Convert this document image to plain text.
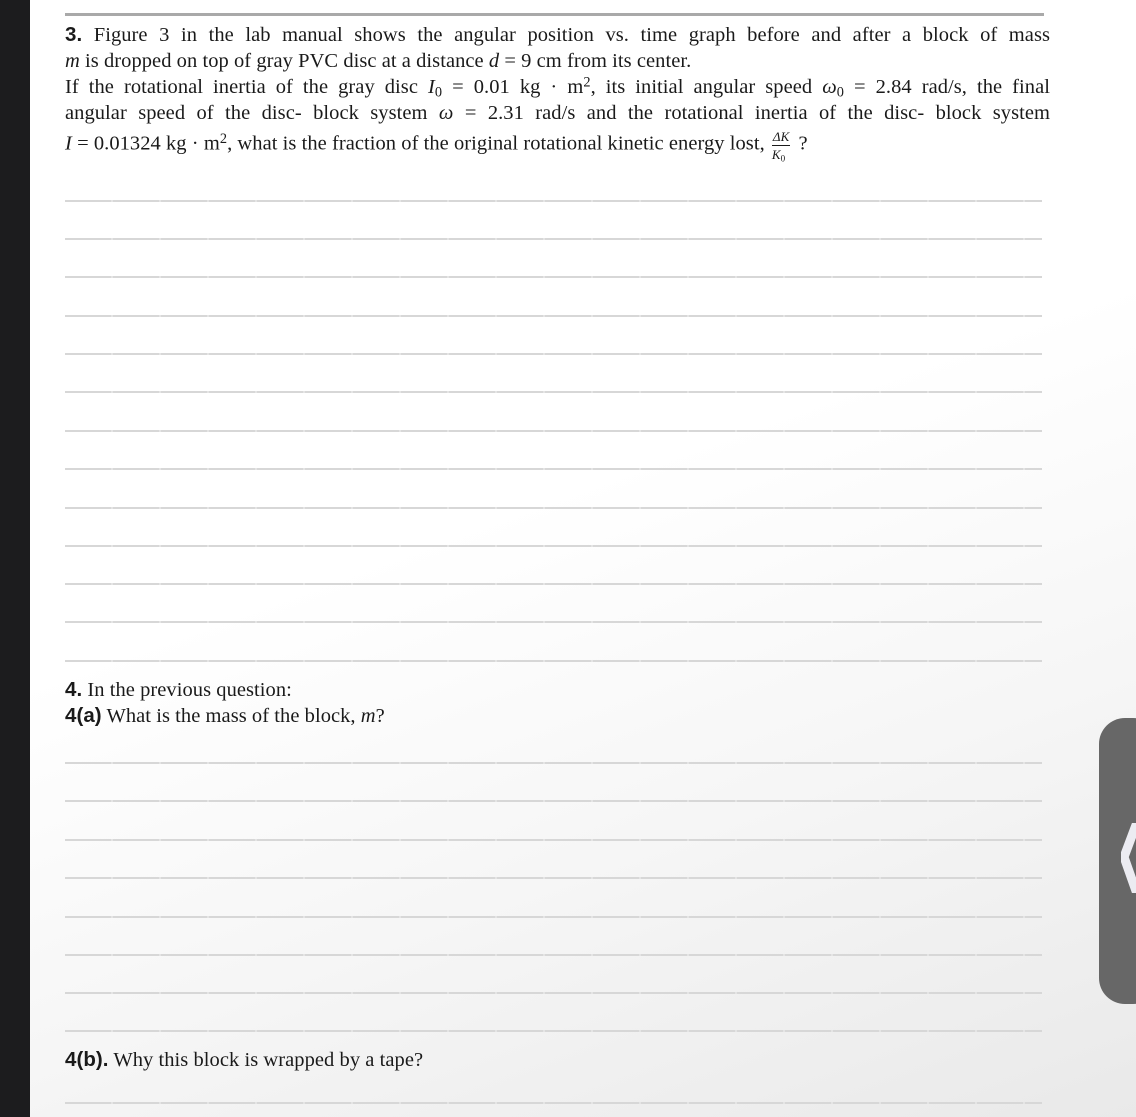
3. Figure 3 in the lab manual shows the angular position vs. time graph before and after a block of mass
m is dropped on top of gray PVC disc at a distance d = 9 cm from its center.
If the rotational inertia of the gray disc $I_0 = 0.01$ kg · $m^2$, its initial angular speed $\omega_0 = 2.84$ rad/s, the final
angular speed of the disc- block system ω = 2.31 rad/s and the rotational inertia of the disc- block system
I = 0.01324 kg · $m^2$, what is the fraction of the original rotational kinetic energy lost, $\frac{\Delta K}{K_0}$ ?
4. In the previous question:
4(a) What is the mass of the block, m?
4(b). Why this block is wrapped by a tape?
